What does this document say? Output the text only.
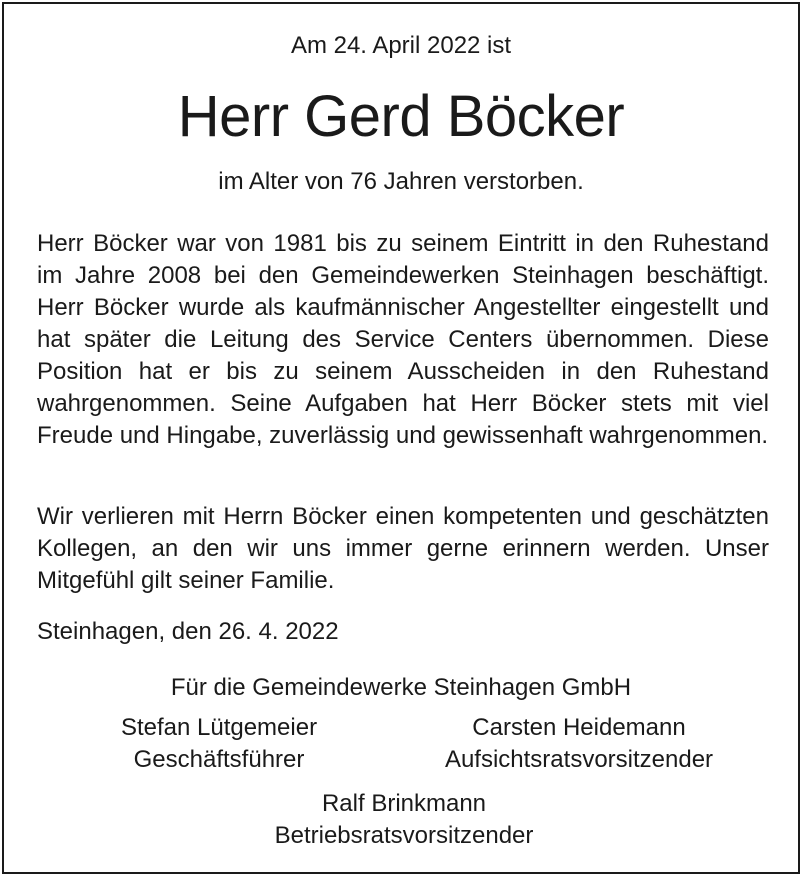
Am 24. April 2022 ist
Herr Gerd Böcker
im Alter von 76 Jahren verstorben.

Herr Böcker war von 1981 bis zu seinem Eintritt in den Ruhestand im Jahre 2008 bei den Gemeindewerken Steinhagen beschäftigt. Herr Böcker wurde als kaufmännischer Angestellter eingestellt und hat später die Leitung des Service Centers übernommen. Diese Position hat er bis zu seinem Ausscheiden in den Ruhestand wahrgenommen. Seine Aufgaben hat Herr Böcker stets mit viel Freude und Hingabe, zuverlässig und gewissenhaft wahrgenommen.

Wir verlieren mit Herrn Böcker einen kompetenten und geschätzten Kollegen, an den wir uns immer gerne erinnern werden. Unser Mitgefühl gilt seiner Familie.

Steinhagen, den 26. 4. 2022
Für die Gemeindewerke Steinhagen GmbH
Stefan Lütgemeier
Geschäftsführer
Carsten Heidemann
Aufsichtsratsvorsitzender
Ralf Brinkmann
Betriebsratsvorsitzender
